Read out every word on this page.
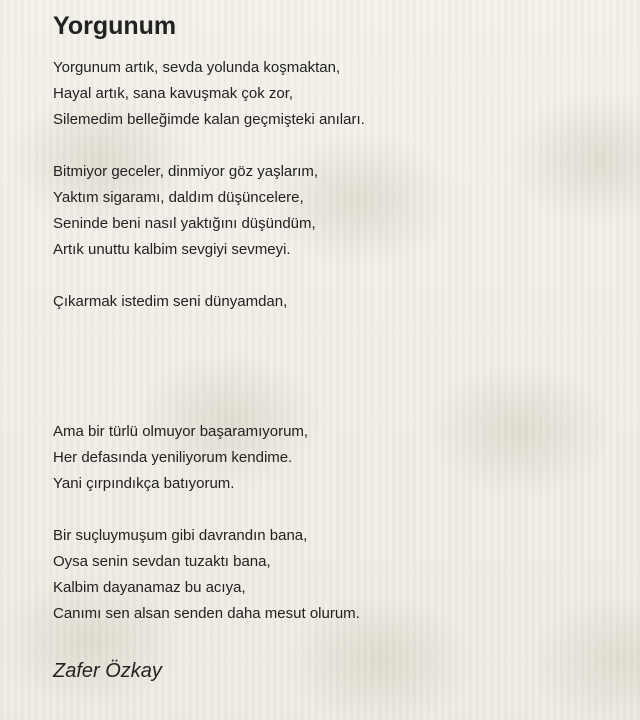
Yorgunum
Yorgunum artık, sevda yolunda koşmaktan,
Hayal artık, sana kavuşmak çok zor,
Silemedim belleğimde kalan geçmişteki anıları.
Bitmiyor geceler, dinmiyor göz yaşlarım,
Yaktım sigaramı, daldım düşüncelere,
Seninde beni nasıl yaktığını düşündüm,
Artık unuttu kalbim sevgiyi sevmeyi.
Çıkarmak istedim seni dünyamdan,
Ama bir türlü olmuyor başaramıyorum,
Her defasında yeniliyorum kendime.
Yani çırpındıkça batıyorum.
Bir suçluymuşum gibi davrandın bana,
Oysa senin sevdan tuzaktı bana,
Kalbim dayanamaz bu acıya,
Canımı sen alsan senden daha mesut olurum.
Zafer Özkay
